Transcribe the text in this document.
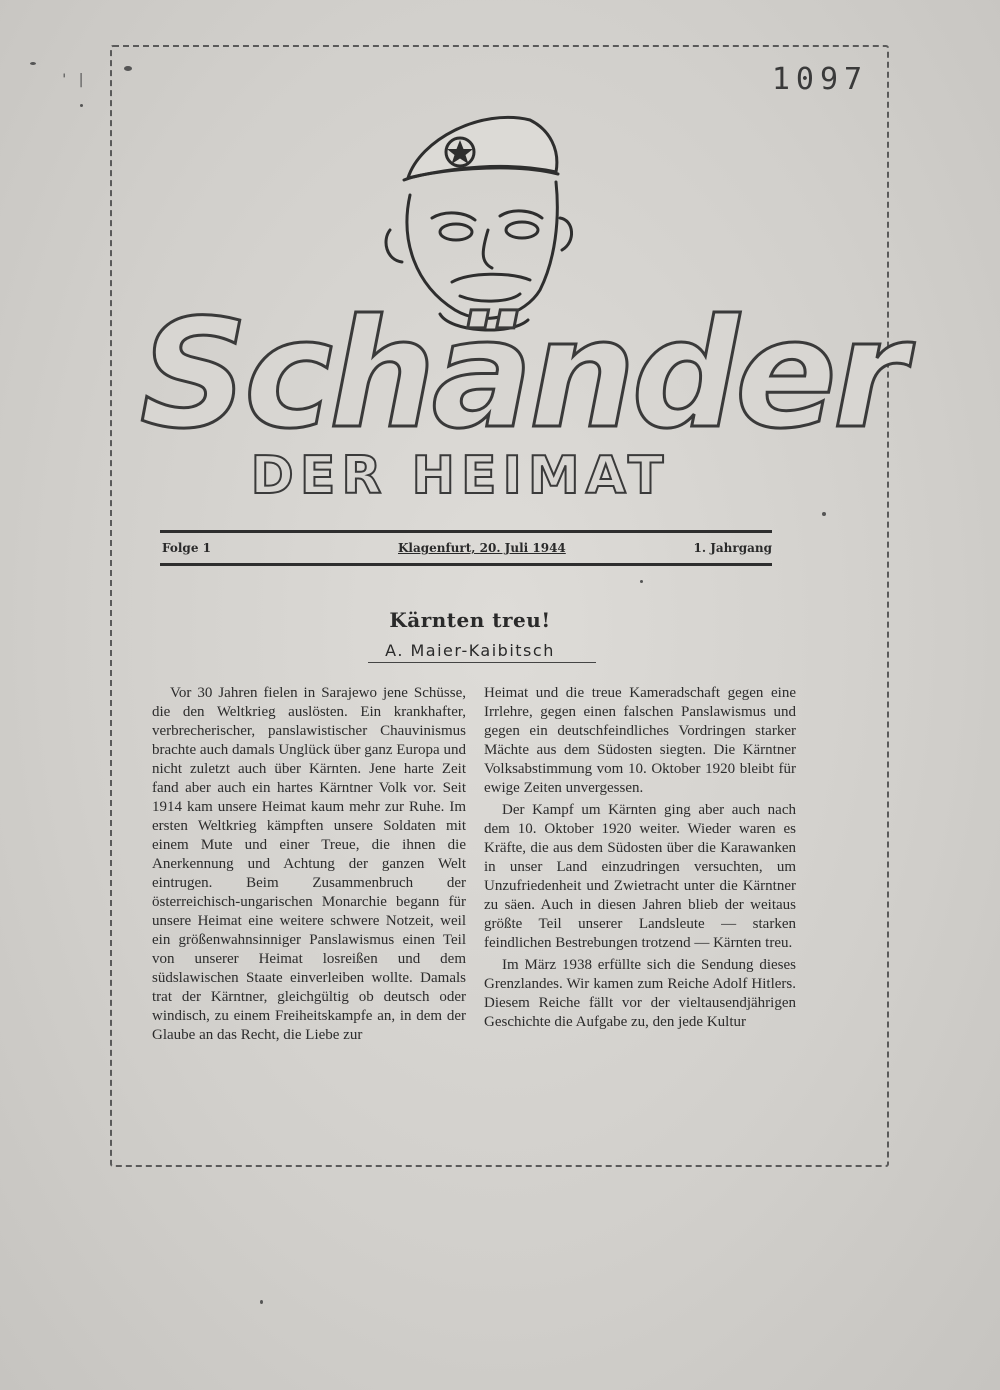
1097
Schänder
DER HEIMAT
Folge 1	Klagenfurt, 20. Juli 1944	1. Jahrgang
Kärnten treu!
A. Maier-Kaibitsch

Vor 30 Jahren fielen in Sarajewo jene Schüsse, die den Weltkrieg auslösten. Ein krankhafter, verbrecherischer, panslawistischer Chauvinismus brachte auch damals Unglück über ganz Europa und nicht zuletzt auch über Kärnten. Jene harte Zeit fand aber auch ein hartes Kärntner Volk vor. Seit 1914 kam unsere Heimat kaum mehr zur Ruhe. Im ersten Weltkrieg kämpften unsere Soldaten mit einem Mute und einer Treue, die ihnen die Anerkennung und Achtung der ganzen Welt eintrugen. Beim Zusammenbruch der österreichisch-ungarischen Monarchie begann für unsere Heimat eine weitere schwere Notzeit, weil ein größenwahnsinniger Panslawismus einen Teil von unserer Heimat losreißen und dem südslawischen Staate einverleiben wollte. Damals trat der Kärntner, gleichgültig ob deutsch oder windisch, zu einem Freiheitskampfe an, in dem der Glaube an das Recht, die Liebe zur

Heimat und die treue Kameradschaft gegen eine Irrlehre, gegen einen falschen Panslawismus und gegen ein deutschfeindliches Vordringen starker Mächte aus dem Südosten siegten. Die Kärntner Volksabstimmung vom 10. Oktober 1920 bleibt für ewige Zeiten unvergessen.

Der Kampf um Kärnten ging aber auch nach dem 10. Oktober 1920 weiter. Wieder waren es Kräfte, die aus dem Südosten über die Karawanken in unser Land einzudringen versuchten, um Unzufriedenheit und Zwietracht unter die Kärntner zu säen. Auch in diesen Jahren blieb der weitaus größte Teil unserer Landsleute — starken feindlichen Bestrebungen trotzend — Kärnten treu.

Im März 1938 erfüllte sich die Sendung dieses Grenzlandes. Wir kamen zum Reiche Adolf Hitlers. Diesem Reiche fällt vor der vieltausendjährigen Geschichte die Aufgabe zu, den jede Kultur

' |
